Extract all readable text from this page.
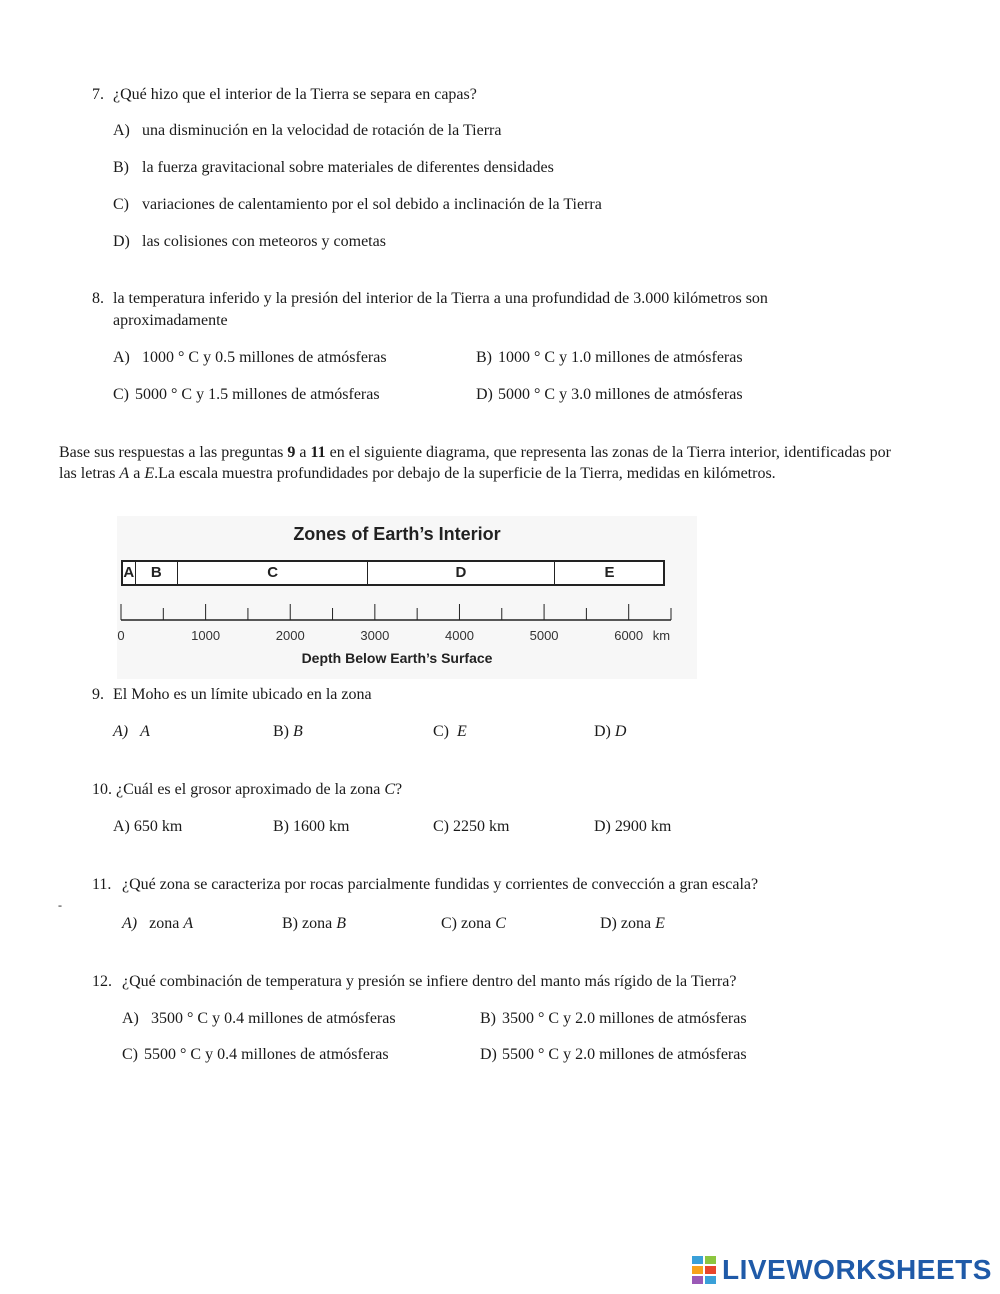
7. ¿Qué hizo que el interior de la Tierra se separa en capas?
A) una disminución en la velocidad de rotación de la Tierra
B) la fuerza gravitacional sobre materiales de diferentes densidades
C) variaciones de calentamiento por el sol debido a inclinación de la Tierra
D) las colisiones con meteoros y cometas
8. la temperatura inferido y la presión del interior de la Tierra a una profundidad de 3.000 kilómetros son
aproximadamente
A) 1000 ° C y 0.5 millones de atmósferas	B) 1000 ° C y 1.0 millones de atmósferas
C) 5000 ° C y 1.5 millones de atmósferas	D) 5000 ° C y 3.0 millones de atmósferas
Base sus respuestas a las preguntas 9 a 11 en el siguiente diagrama, que representa las zonas de la Tierra interior, identificadas por las letras A a E.La escala muestra profundidades por debajo de la superficie de la Tierra, medidas en kilómetros.
Zones of Earth’s Interior
A	B	C	D	E
0	1000	2000	3000	4000	5000	6000 km
Depth Below Earth’s Surface
9. El Moho es un límite ubicado en la zona
A) A	B) B	C) E	D) D
10. ¿Cuál es el grosor aproximado de la zona C?
A) 650 km	B) 1600 km	C) 2250 km	D) 2900 km
11. ¿Qué zona se caracteriza por rocas parcialmente fundidas y corrientes de convección a gran escala?
-
A) zona A	B) zona B	C) zona C	D) zona E
12. ¿Qué combinación de temperatura y presión se infiere dentro del manto más rígido de la Tierra?
A) 3500 ° C y 0.4 millones de atmósferas	B) 3500 ° C y 2.0 millones de atmósferas
C) 5500 ° C y 0.4 millones de atmósferas	D) 5500 ° C y 2.0 millones de atmósferas
LIVEWORKSHEETS
